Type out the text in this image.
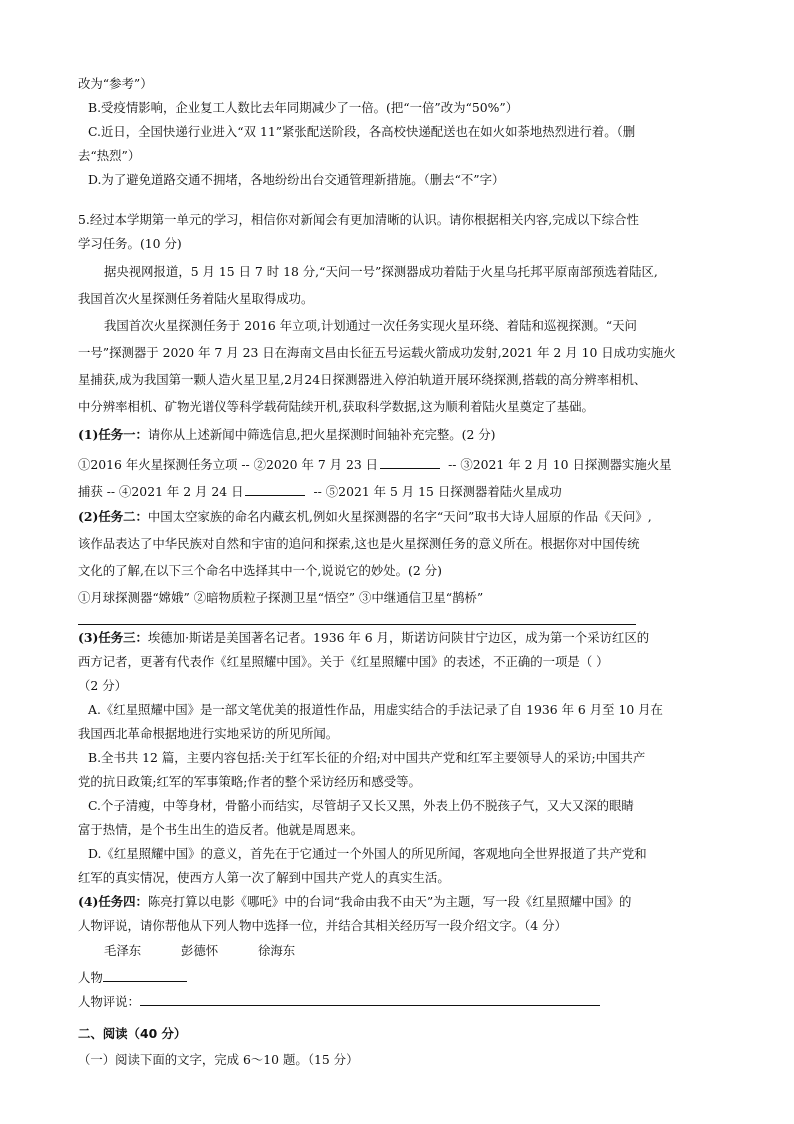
改为“参考”）
B.受疫情影响，企业复工人数比去年同期减少了一倍。(把“一倍”改为“50%”）
C.近日，全国快递行业进入“双 11”紧张配送阶段，各高校快递配送也在如火如荼地热烈进行着。（删
去“热烈”）
D.为了避免道路交通不拥堵，各地纷纷出台交通管理新措施。（删去“不”字）
5.经过本学期第一单元的学习，相信你对新闻会有更加清晰的认识。请你根据相关内容,完成以下综合性
学习任务。(10 分)
据央视网报道，5 月 15 日 7 时 18 分,“天问一号”探测器成功着陆于火星乌托邦平原南部预选着陆区,
我国首次火星探测任务着陆火星取得成功。
我国首次火星探测任务于 2016 年立项,计划通过一次任务实现火星环绕、着陆和巡视探测。“天问
一号”探测器于 2020 年 7 月 23 日在海南文昌由长征五号运载火箭成功发射,2021 年 2 月 10 日成功实施火
星捕获,成为我国第一颗人造火星卫星,2月24日探测器进入停泊轨道开展环绕探测,搭载的高分辨率相机、
中分辨率相机、矿物光谱仪等科学载荷陆续开机,获取科学数据,这为顺利着陆火星奠定了基础。
(1)任务一：请你从上述新闻中筛选信息,把火星探测时间轴补充完整。(2 分)
①2016 年火星探测任务立项 -- ②2020 年 7 月 23 日	-- ③2021 年 2 月 10 日探测器实施火星
捕获 -- ④2021 年 2 月 24 日	-- ⑤2021 年 5 月 15 日探测器着陆火星成功
(2)任务二：中国太空家族的命名内藏玄机,例如火星探测器的名字“天问”取书大诗人屈原的作品《天问》,
该作品表达了中华民族对自然和宇宙的追问和探索,这也是火星探测任务的意义所在。根据你对中国传统
文化的了解,在以下三个命名中选择其中一个,说说它的妙处。(2 分)
①月球探测器“嫦娥” ②暗物质粒子探测卫星“悟空” ③中继通信卫星“鹊桥”
(3)任务三：埃德加·斯诺是美国著名记者。1936 年 6 月，斯诺访问陕甘宁边区，成为第一个采访红区的
西方记者，更著有代表作《红星照耀中国》。关于《红星照耀中国》的表述，不正确的一项是（ ）
（2 分）
A.《红星照耀中国》是一部文笔优美的报道性作品，用虚实结合的手法记录了自 1936 年 6 月至 10 月在
我国西北革命根据地进行实地采访的所见所闻。
B.全书共 12 篇，主要内容包括:关于红军长征的介绍;对中国共产党和红军主要领导人的采访;中国共产
党的抗日政策;红军的军事策略;作者的整个采访经历和感受等。
C.个子清瘦，中等身材，骨骼小而结实，尽管胡子又长又黑，外表上仍不脱孩子气，又大又深的眼睛
富于热情，是个书生出生的造反者。他就是周恩来。
D.《红星照耀中国》的意义，首先在于它通过一个外国人的所见所闻，客观地向全世界报道了共产党和
红军的真实情况，使西方人第一次了解到中国共产党人的真实生活。
(4)任务四：陈亮打算以电影《哪吒》中的台词“我命由我不由天”为主题，写一段《红星照耀中国》的
人物评说，请你帮他从下列人物中选择一位，并结合其相关经历写一段介绍文字。（4 分）
毛泽东	彭德怀	徐海东
人物
人物评说：
二、阅读（40 分）
（一）阅读下面的文字，完成 6～10 题。（15 分）
